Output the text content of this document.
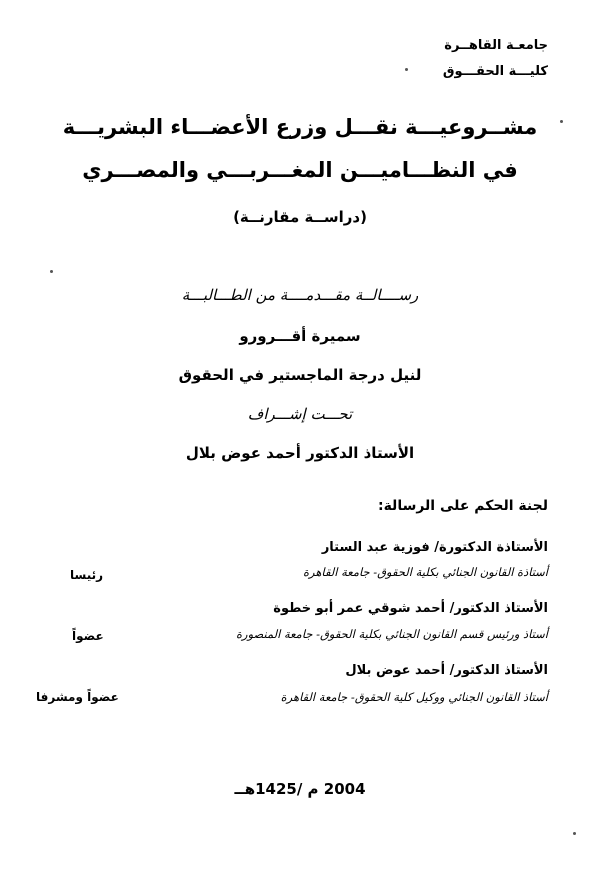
جامعـة القاهــرة
كليـــة الحقـــوق
مشــروعيـــة نقـــل وزرع الأعضـــاء البشريـــة
في النظـــاميـــن المغـــربـــي والمصـــري
(دراســة مقارنــة)
رســــالــة مقـــدمــــة من الطـــالبـــة
سميرة أقـــرورو
لنيل درجة الماجستير في الحقوق
تحـــت إشـــراف
الأستاذ الدكتور أحمد عوض بلال
لجنة الحكم على الرسالة:
الأستاذة الدكتورة/ فوزية عبد الستار
أستاذة القانون الجنائي بكلية الحقوق- جامعة القاهرة
رئيسا
الأستاذ الدكتور/ أحمد شوقي عمر أبو خطوة
أستاذ ورئيس قسم القانون الجنائي بكلية الحقوق- جامعة المنصورة
عضواً
الأستاذ الدكتور/ أحمد عوض بلال
أستاذ القانون الجنائي ووكيل كلية الحقوق- جامعة القاهرة
عضواً ومشرفا
2004 م /1425هــ
